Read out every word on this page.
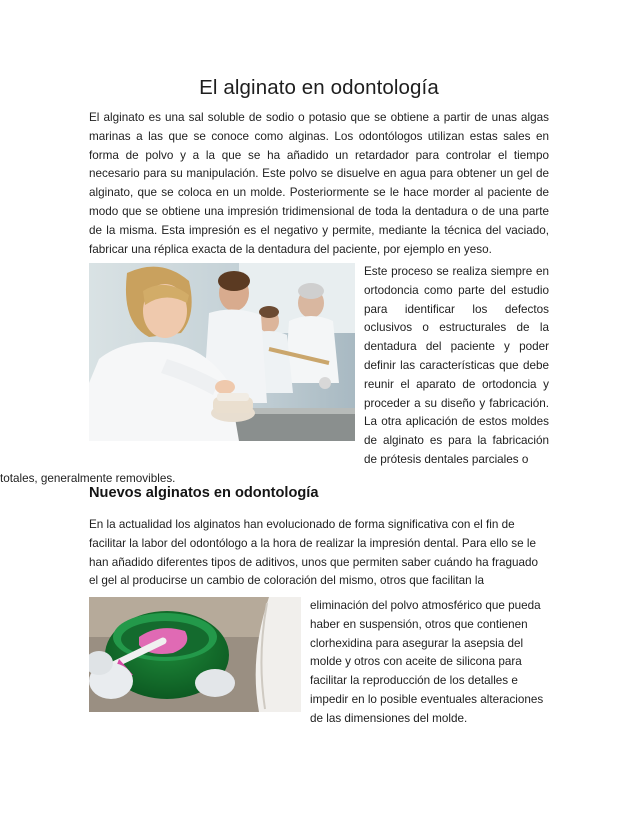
El alginato en odontología

El alginato es una sal soluble de sodio o potasio que se obtiene a partir de unas algas marinas a las que se conoce como alginas. Los odontólogos utilizan estas sales en forma de polvo y a la que se ha añadido un retardador para controlar el tiempo necesario para su manipulación. Este polvo se disuelve en agua para obtener un gel de alginato, que se coloca en un molde. Posteriormente se le hace morder al paciente de modo que se obtiene una impresión tridimensional de toda la dentadura o de una parte de la misma. Esta impresión es el negativo y permite, mediante la técnica del vaciado, fabricar una réplica exacta de la dentadura del paciente, por ejemplo en yeso.

Este proceso se realiza siempre en ortodoncia como parte del estudio para identificar los defectos oclusivos o estructurales de la dentadura del paciente y poder definir las características que debe reunir el aparato de ortodoncia y proceder a su diseño y fabricación. La otra aplicación de estos moldes de alginato es para la fabricación de prótesis dentales parciales o

totales, generalmente removibles.

Nuevos alginatos en odontología

En la actualidad los alginatos han evolucionado de forma significativa con el fin de facilitar la labor del odontólogo a la hora de realizar la impresión dental. Para ello se le han añadido diferentes tipos de aditivos, unos que permiten saber cuándo ha fraguado el gel al producirse un cambio de coloración del mismo, otros que facilitan la

eliminación del polvo atmosférico que pueda haber en suspensión, otros que contienen clorhexidina para asegurar la asepsia del molde y otros con aceite de silicona para facilitar la reproducción de los detalles e impedir en lo posible eventuales alteraciones de las dimensiones del molde.
